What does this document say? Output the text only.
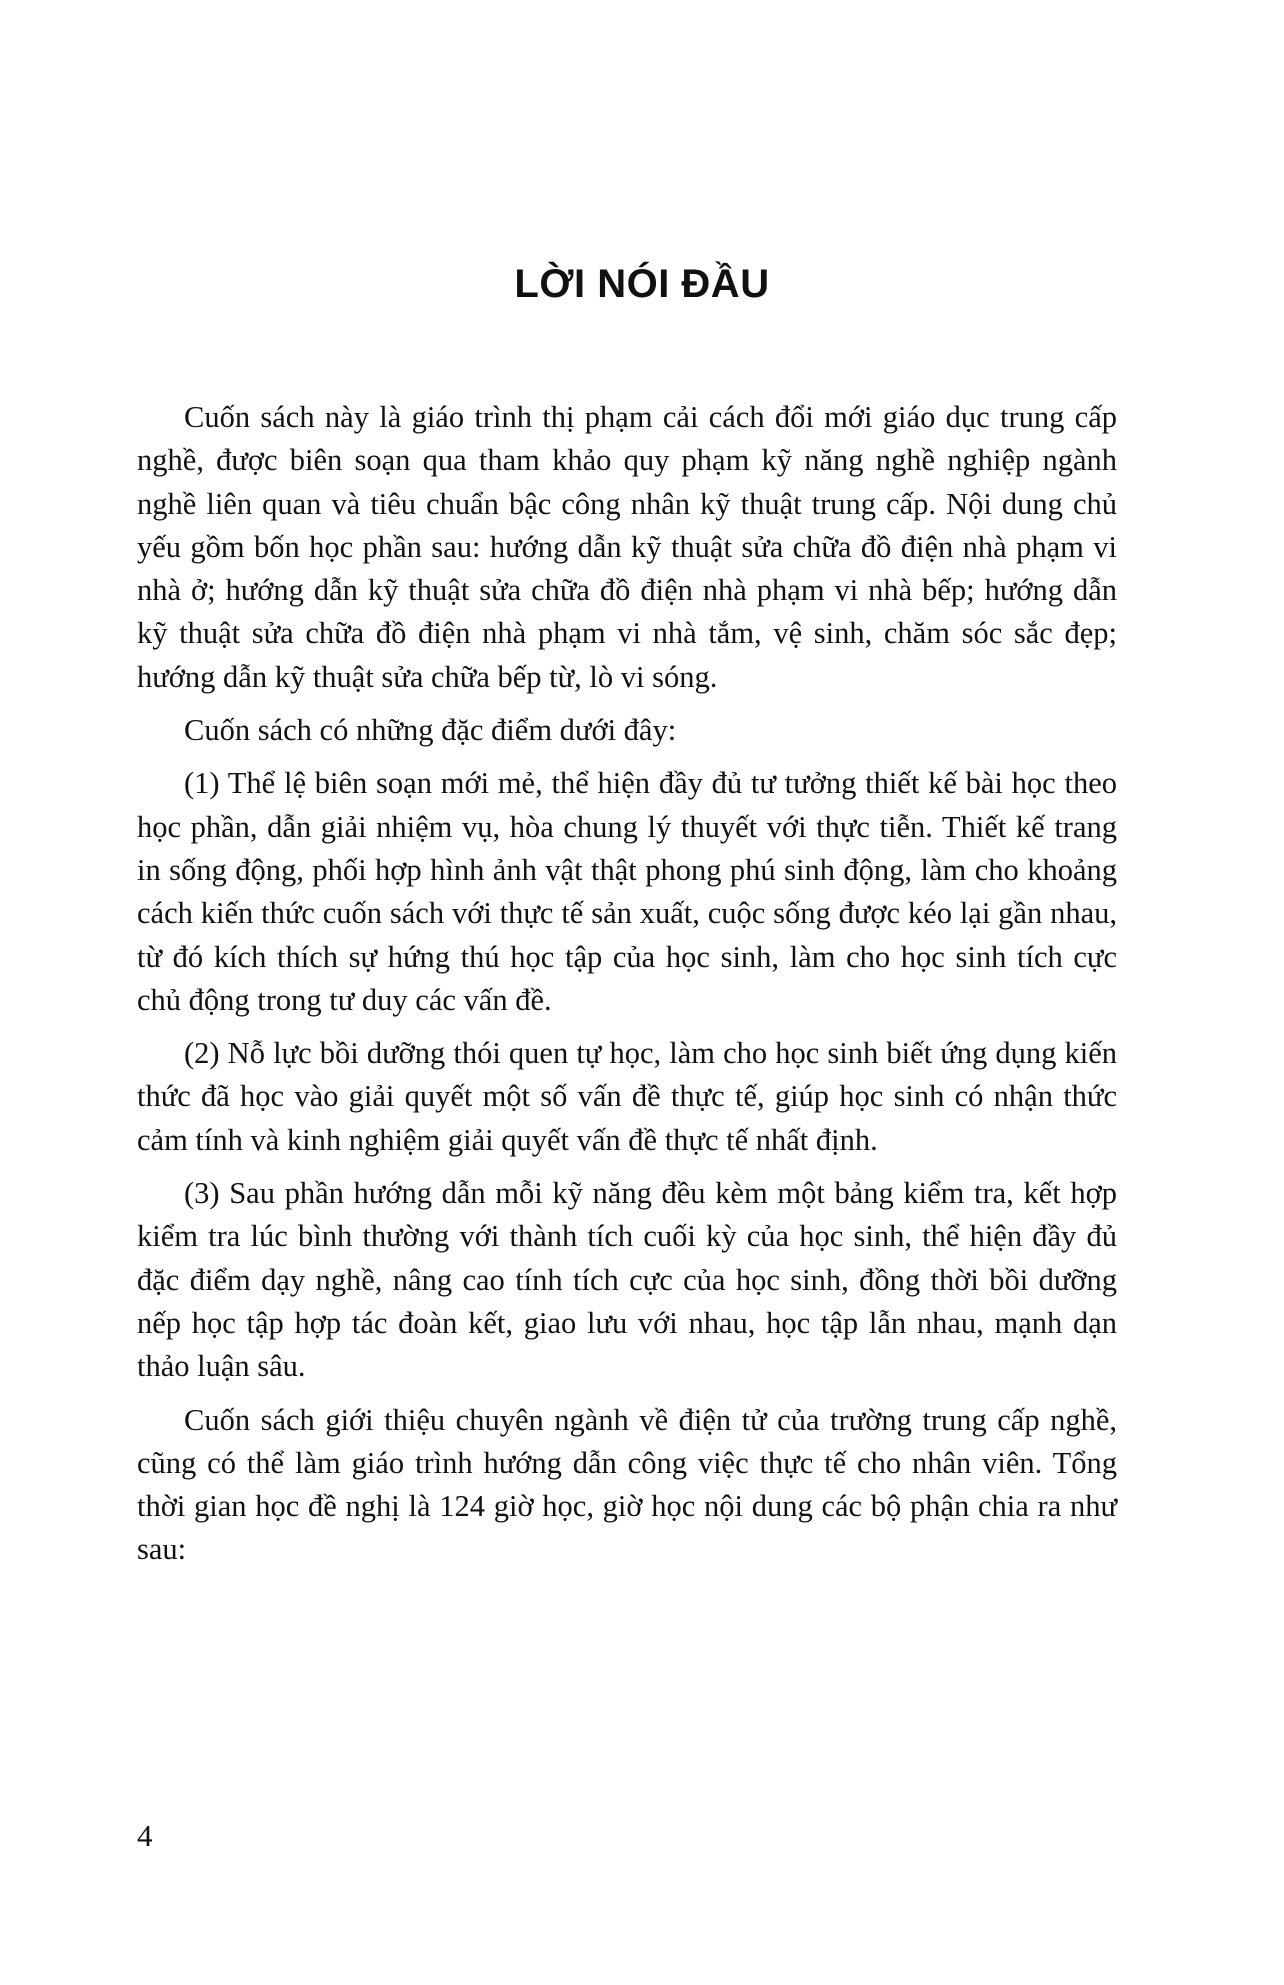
LỜI NÓI ĐẦU

Cuốn sách này là giáo trình thị phạm cải cách đổi mới giáo dục trung cấp nghề, được biên soạn qua tham khảo quy phạm kỹ năng nghề nghiệp ngành nghề liên quan và tiêu chuẩn bậc công nhân kỹ thuật trung cấp. Nội dung chủ yếu gồm bốn học phần sau: hướng dẫn kỹ thuật sửa chữa đồ điện nhà phạm vi nhà ở; hướng dẫn kỹ thuật sửa chữa đồ điện nhà phạm vi nhà bếp; hướng dẫn kỹ thuật sửa chữa đồ điện nhà phạm vi nhà tắm, vệ sinh, chăm sóc sắc đẹp; hướng dẫn kỹ thuật sửa chữa bếp từ, lò vi sóng.

Cuốn sách có những đặc điểm dưới đây:

(1) Thể lệ biên soạn mới mẻ, thể hiện đầy đủ tư tưởng thiết kế bài học theo học phần, dẫn giải nhiệm vụ, hòa chung lý thuyết với thực tiễn. Thiết kế trang in sống động, phối hợp hình ảnh vật thật phong phú sinh động, làm cho khoảng cách kiến thức cuốn sách với thực tế sản xuất, cuộc sống được kéo lại gần nhau, từ đó kích thích sự hứng thú học tập của học sinh, làm cho học sinh tích cực chủ động trong tư duy các vấn đề.

(2) Nỗ lực bồi dưỡng thói quen tự học, làm cho học sinh biết ứng dụng kiến thức đã học vào giải quyết một số vấn đề thực tế, giúp học sinh có nhận thức cảm tính và kinh nghiệm giải quyết vấn đề thực tế nhất định.

(3) Sau phần hướng dẫn mỗi kỹ năng đều kèm một bảng kiểm tra, kết hợp kiểm tra lúc bình thường với thành tích cuối kỳ của học sinh, thể hiện đầy đủ đặc điểm dạy nghề, nâng cao tính tích cực của học sinh, đồng thời bồi dưỡng nếp học tập hợp tác đoàn kết, giao lưu với nhau, học tập lẫn nhau, mạnh dạn thảo luận sâu.

Cuốn sách giới thiệu chuyên ngành về điện tử của trường trung cấp nghề, cũng có thể làm giáo trình hướng dẫn công việc thực tế cho nhân viên. Tổng thời gian học đề nghị là 124 giờ học, giờ học nội dung các bộ phận chia ra như sau:

4
